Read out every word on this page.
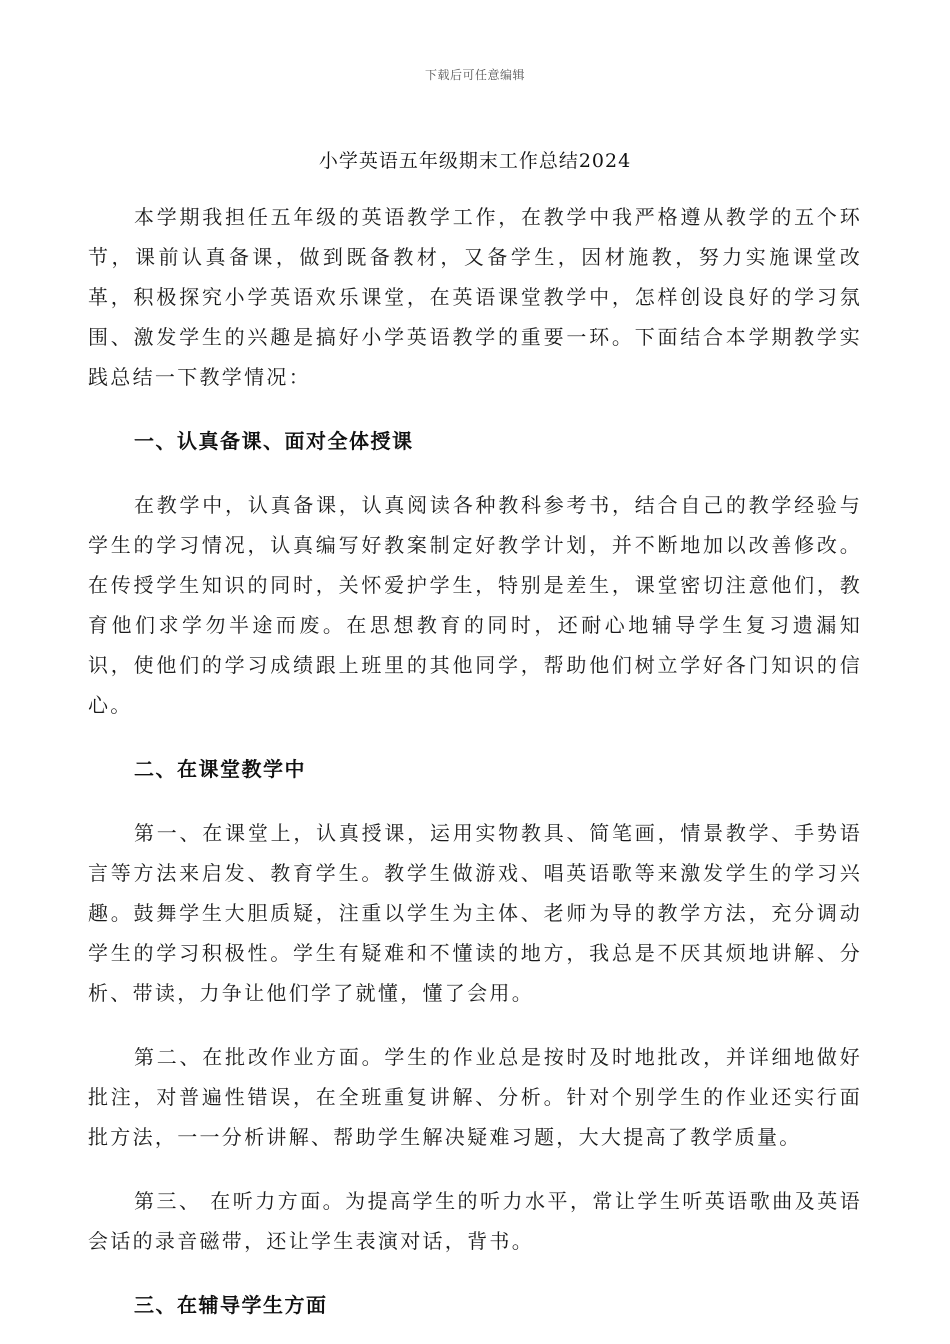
下载后可任意编辑
小学英语五年级期末工作总结2024

本学期我担任五年级的英语教学工作，在教学中我严格遵从教学的五个环节，课前认真备课，做到既备教材，又备学生，因材施教，努力实施课堂改革，积极探究小学英语欢乐课堂，在英语课堂教学中，怎样创设良好的学习氛围、激发学生的兴趣是搞好小学英语教学的重要一环。下面结合本学期教学实践总结一下教学情况：

一、认真备课、面对全体授课

在教学中，认真备课，认真阅读各种教科参考书，结合自己的教学经验与学生的学习情况，认真编写好教案制定好教学计划，并不断地加以改善修改。在传授学生知识的同时，关怀爱护学生，特别是差生，课堂密切注意他们，教育他们求学勿半途而废。在思想教育的同时，还耐心地辅导学生复习遗漏知识，使他们的学习成绩跟上班里的其他同学，帮助他们树立学好各门知识的信心。

二、在课堂教学中

第一、在课堂上，认真授课，运用实物教具、简笔画，情景教学、手势语言等方法来启发、教育学生。教学生做游戏、唱英语歌等来激发学生的学习兴趣。鼓舞学生大胆质疑，注重以学生为主体、老师为导的教学方法，充分调动学生的学习积极性。学生有疑难和不懂读的地方，我总是不厌其烦地讲解、分析、带读，力争让他们学了就懂，懂了会用。

第二、在批改作业方面。学生的作业总是按时及时地批改，并详细地做好批注，对普遍性错误，在全班重复讲解、分析。针对个别学生的作业还实行面批方法，一一分析讲解、帮助学生解决疑难习题，大大提高了教学质量。

第三、 在听力方面。为提高学生的听力水平，常让学生听英语歌曲及英语会话的录音磁带，还让学生表演对话，背书。

三、在辅导学生方面
